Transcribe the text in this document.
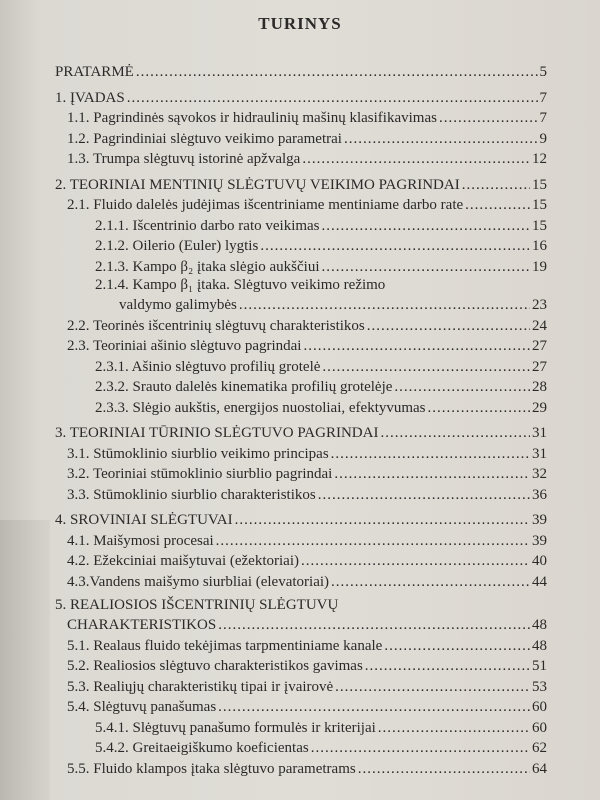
TURINYS
PRATARMĖ .....	5
1. ĮVADAS .....	7
1.1. Pagrindinės sąvokos ir hidraulinių mašinų klasifikavimas .....	7
1.2. Pagrindiniai slėgtuvo veikimo parametrai .....	9
1.3. Trumpa slėgtuvų istorinė apžvalga .....	12
2. TEORINIAI MENTINIŲ SLĖGTUVŲ VEIKIMO PAGRINDAI .....	15
2.1. Fluido dalelės judėjimas išcentriniame mentiniame darbo rate .....	15
2.1.1. Išcentrinio darbo rato veikimas .....	15
2.1.2. Oilerio (Euler) lygtis .....	16
2.1.3. Kampo β₂ įtaka slėgio aukščiui .....	19
2.1.4. Kampo β₁ įtaka. Slėgtuvo veikimo režimo
valdymo galimybės .....	23
2.2. Teorinės išcentrinių slėgtuvų charakteristikos .....	24
2.3. Teoriniai ašinio slėgtuvo pagrindai .....	27
2.3.1. Ašinio slėgtuvo profilių grotelė .....	27
2.3.2. Srauto dalelės kinematika profilių grotelėje .....	28
2.3.3. Slėgio aukštis, energijos nuostoliai, efektyvumas .....	29
3. TEORINIAI TŪRINIO SLĖGTUVO PAGRINDAI .....	31
3.1. Stūmoklinio siurblio veikimo principas .....	31
3.2. Teoriniai stūmoklinio siurblio pagrindai .....	32
3.3. Stūmoklinio siurblio charakteristikos .....	36
4. SROVINIAI SLĖGTUVAI .....	39
4.1. Maišymosi procesai .....	39
4.2. Ežekciniai maišytuvai (ežektoriai) .....	40
4.3.Vandens maišymo siurbliai (elevatoriai) .....	44
5. REALIOSIOS IŠCENTRINIŲ SLĖGTUVŲ
CHARAKTERISTIKOS .....	48
5.1. Realaus fluido tekėjimas tarpmentiniame kanale .....	48
5.2. Realiosios slėgtuvo charakteristikos gavimas .....	51
5.3. Realiųjų charakteristikų tipai ir įvairovė .....	53
5.4. Slėgtuvų panašumas .....	60
5.4.1. Slėgtuvų panašumo formulės ir kriterijai .....	60
5.4.2. Greitaeigiškumo koeficientas .....	62
5.5. Fluido klampos įtaka slėgtuvo parametrams .....	64
